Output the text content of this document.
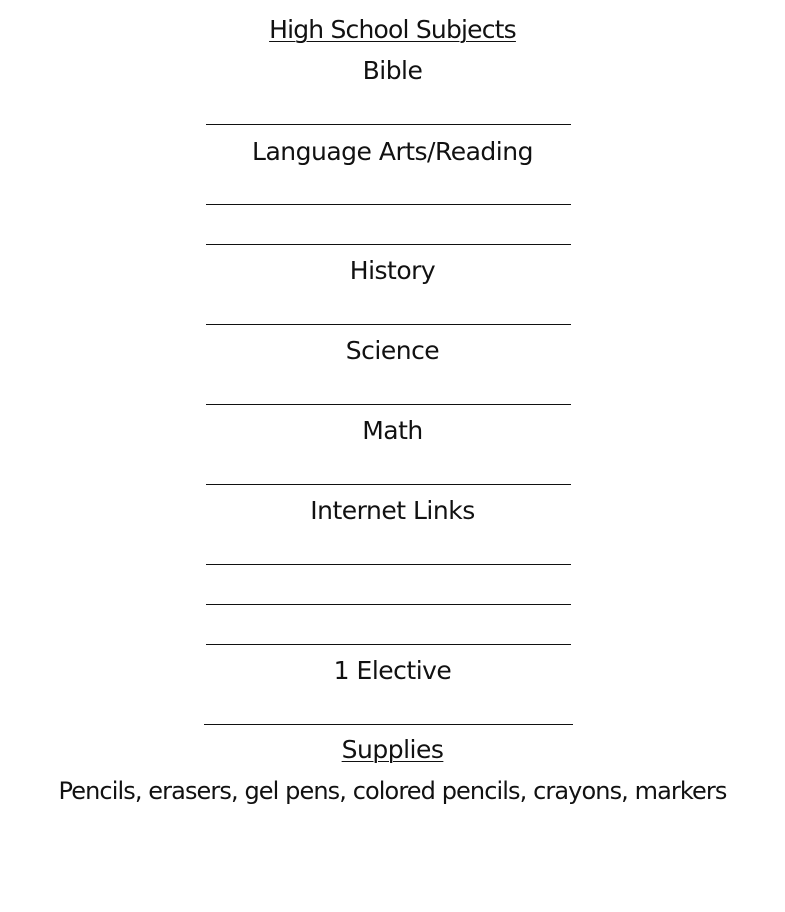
High School Subjects
Bible
Language Arts/Reading
History
Science
Math
Internet Links
1 Elective
Supplies
Pencils, erasers, gel pens, colored pencils, crayons, markers
